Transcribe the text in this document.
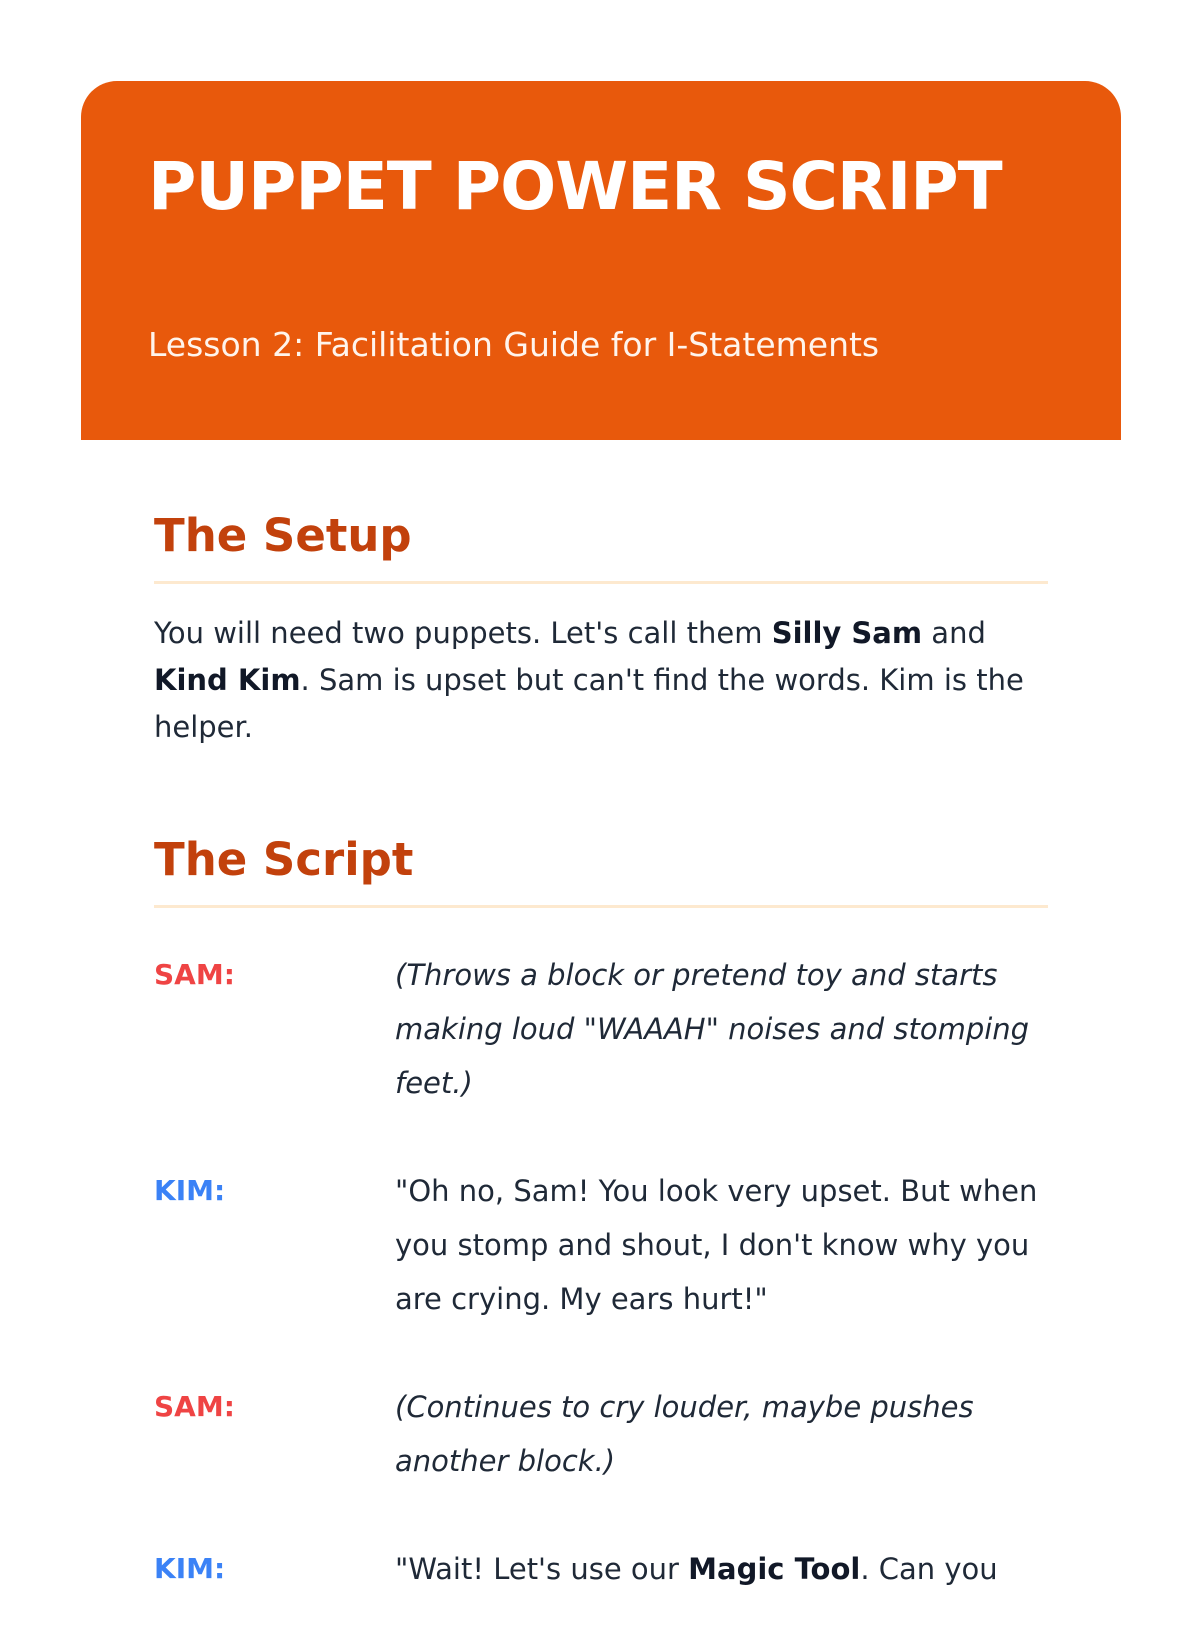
PUPPET POWER SCRIPT

Lesson 2: Facilitation Guide for I-Statements

The Setup

You will need two puppets. Let's call them Silly Sam and Kind Kim. Sam is upset but can't find the words. Kim is the helper.

The Script

SAM:	(Throws a block or pretend toy and starts making loud "WAAAH" noises and stomping feet.)

KIM:	"Oh no, Sam! You look very upset. But when you stomp and shout, I don't know why you are crying. My ears hurt!"

SAM:	(Continues to cry louder, maybe pushes another block.)

KIM:	"Wait! Let's use our Magic Tool. Can you
